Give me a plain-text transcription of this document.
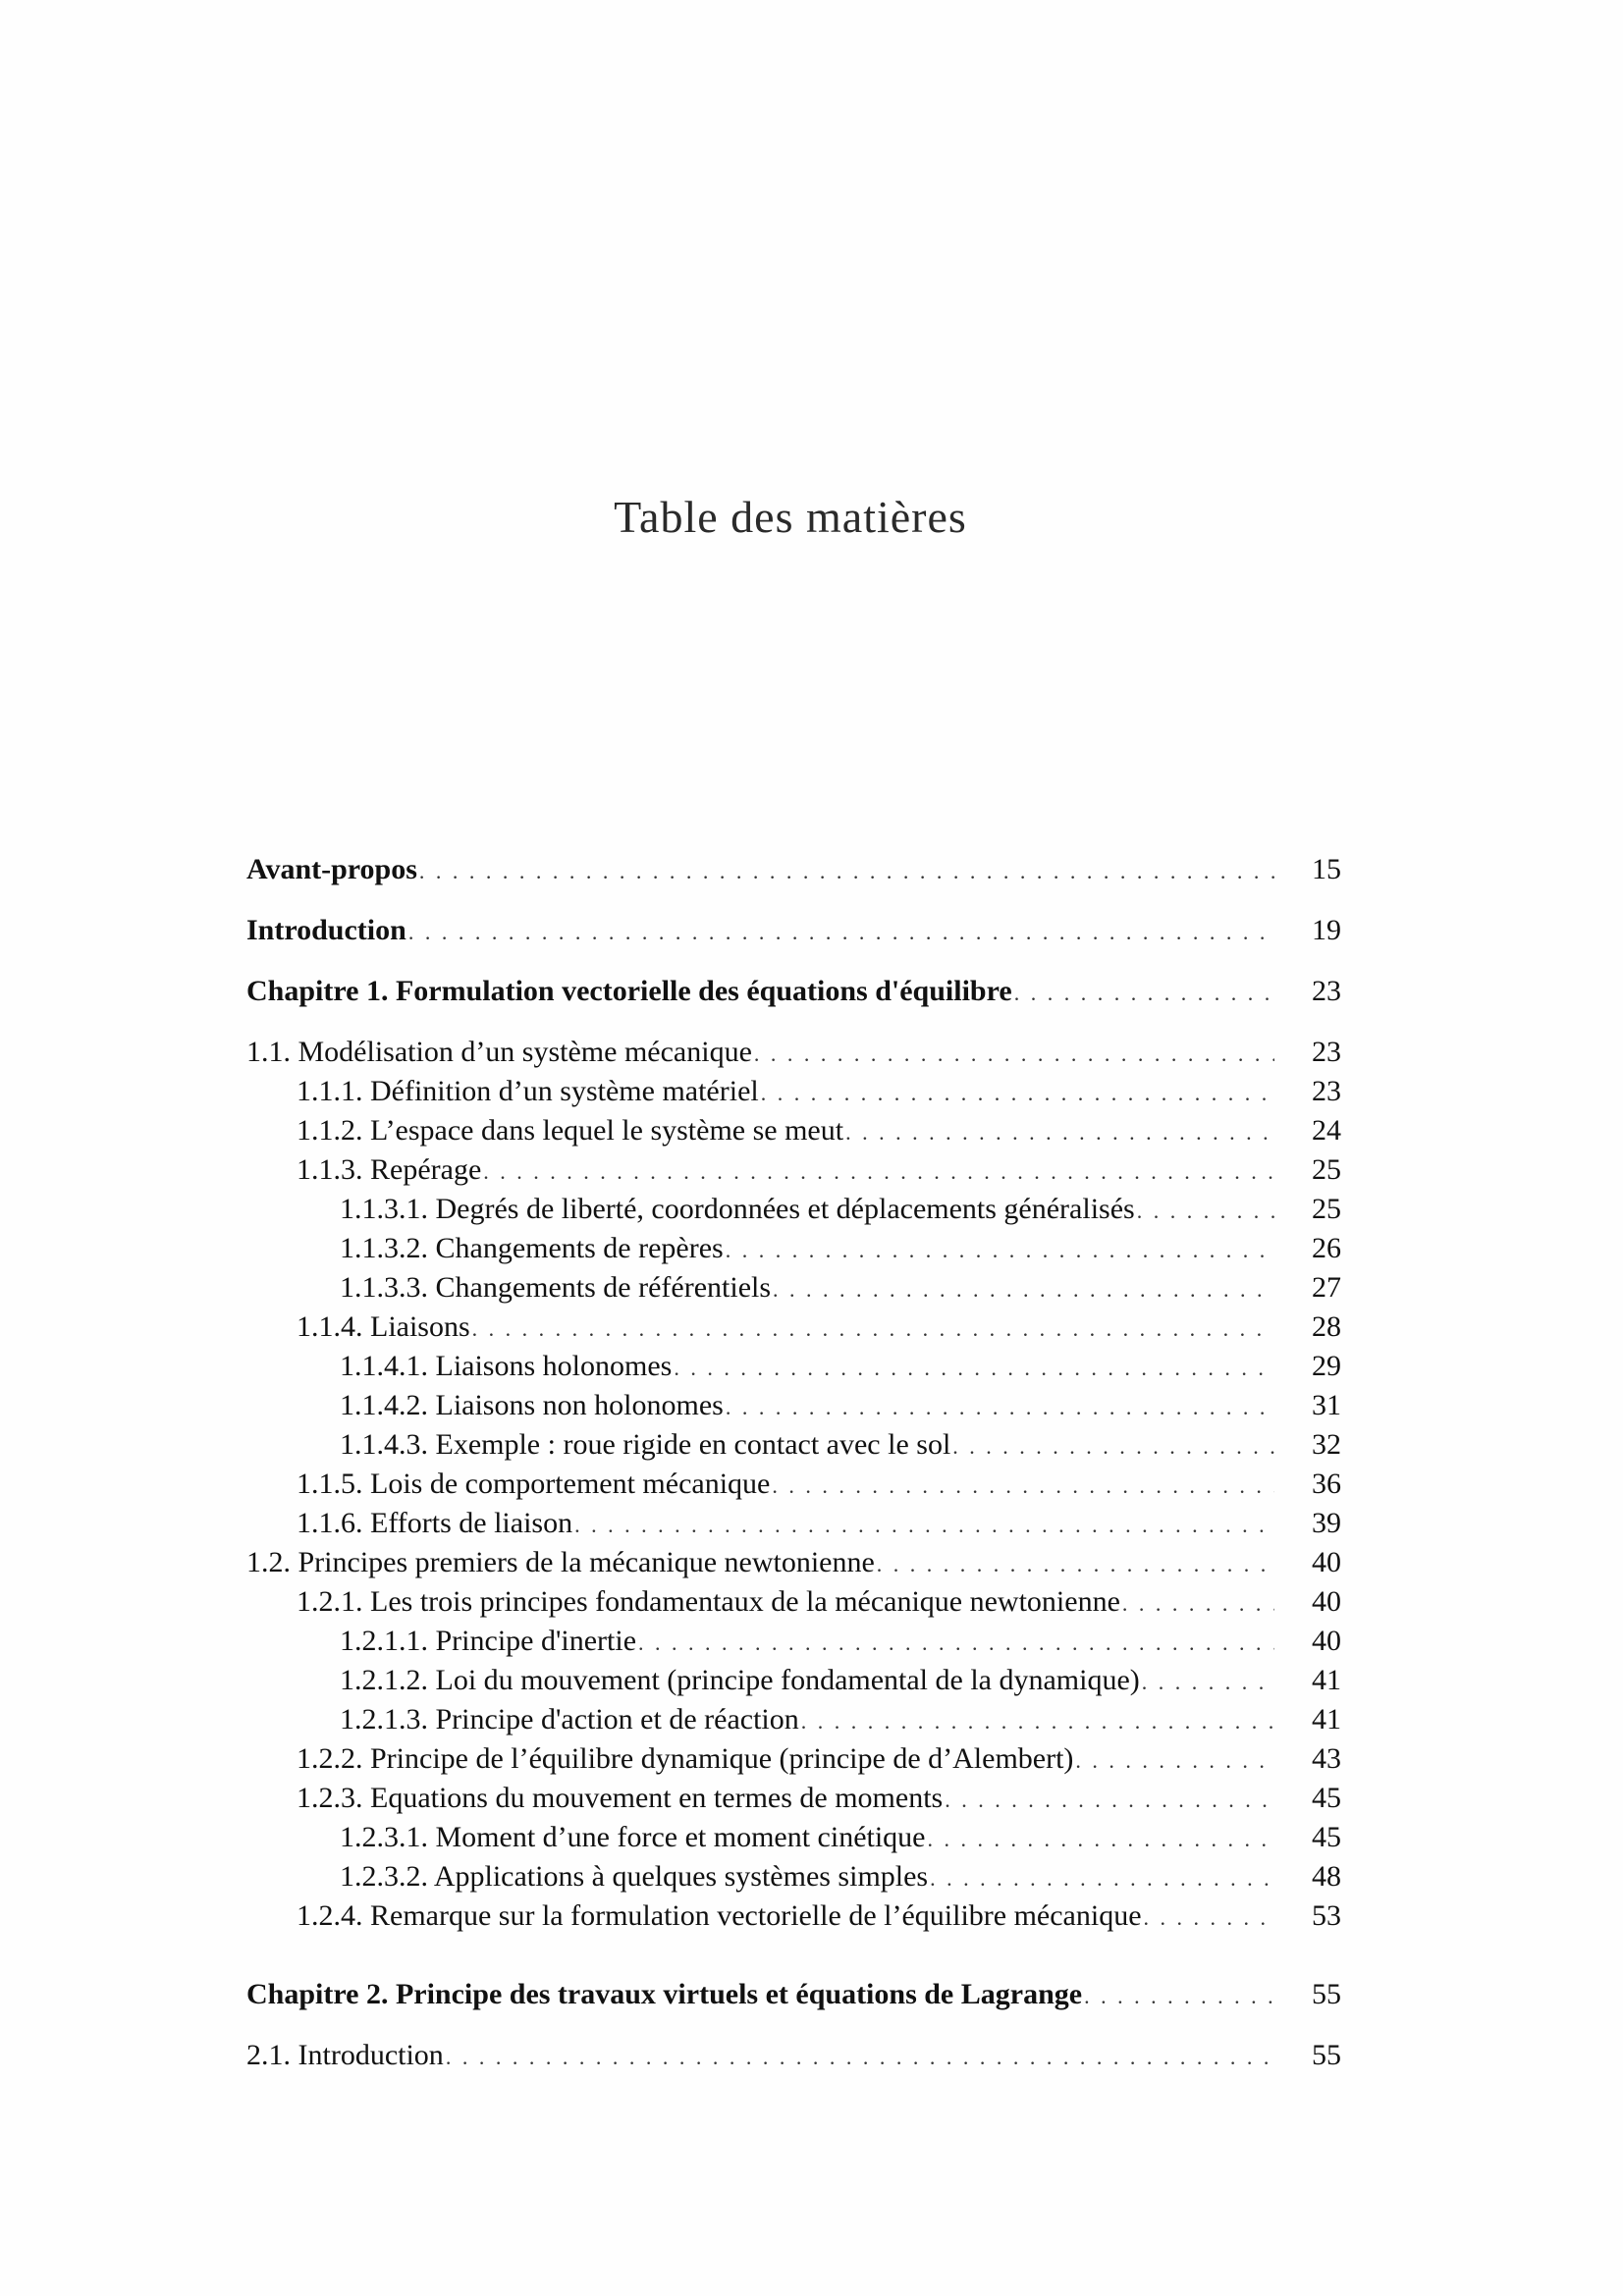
Table des matières
Avant-propos . . .	15
Introduction . . .	19
Chapitre 1. Formulation vectorielle des équations d'équilibre . . .	23
1.1. Modélisation d’un système mécanique . . .	23
1.1.1. Définition d’un système matériel . . .	23
1.1.2. L’espace dans lequel le système se meut . . .	24
1.1.3. Repérage . . .	25
1.1.3.1. Degrés de liberté, coordonnées et déplacements généralisés . . .	25
1.1.3.2. Changements de repères . . .	26
1.1.3.3. Changements de référentiels . . .	27
1.1.4. Liaisons . . .	28
1.1.4.1. Liaisons holonomes . . .	29
1.1.4.2. Liaisons non holonomes . . .	31
1.1.4.3. Exemple : roue rigide en contact avec le sol . . .	32
1.1.5. Lois de comportement mécanique . . .	36
1.1.6. Efforts de liaison . . .	39
1.2. Principes premiers de la mécanique newtonienne . . .	40
1.2.1. Les trois principes fondamentaux de la mécanique newtonienne . . .	40
1.2.1.1. Principe d'inertie . . .	40
1.2.1.2. Loi du mouvement (principe fondamental de la dynamique) . . .	41
1.2.1.3. Principe d'action et de réaction . . .	41
1.2.2. Principe de l’équilibre dynamique (principe de d’Alembert) . . .	43
1.2.3. Equations du mouvement en termes de moments . . .	45
1.2.3.1. Moment d’une force et moment cinétique . . .	45
1.2.3.2. Applications à quelques systèmes simples . . .	48
1.2.4. Remarque sur la formulation vectorielle de l’équilibre mécanique . . .	53
Chapitre 2. Principe des travaux virtuels et équations de Lagrange . . .	55
2.1. Introduction . . .	55
